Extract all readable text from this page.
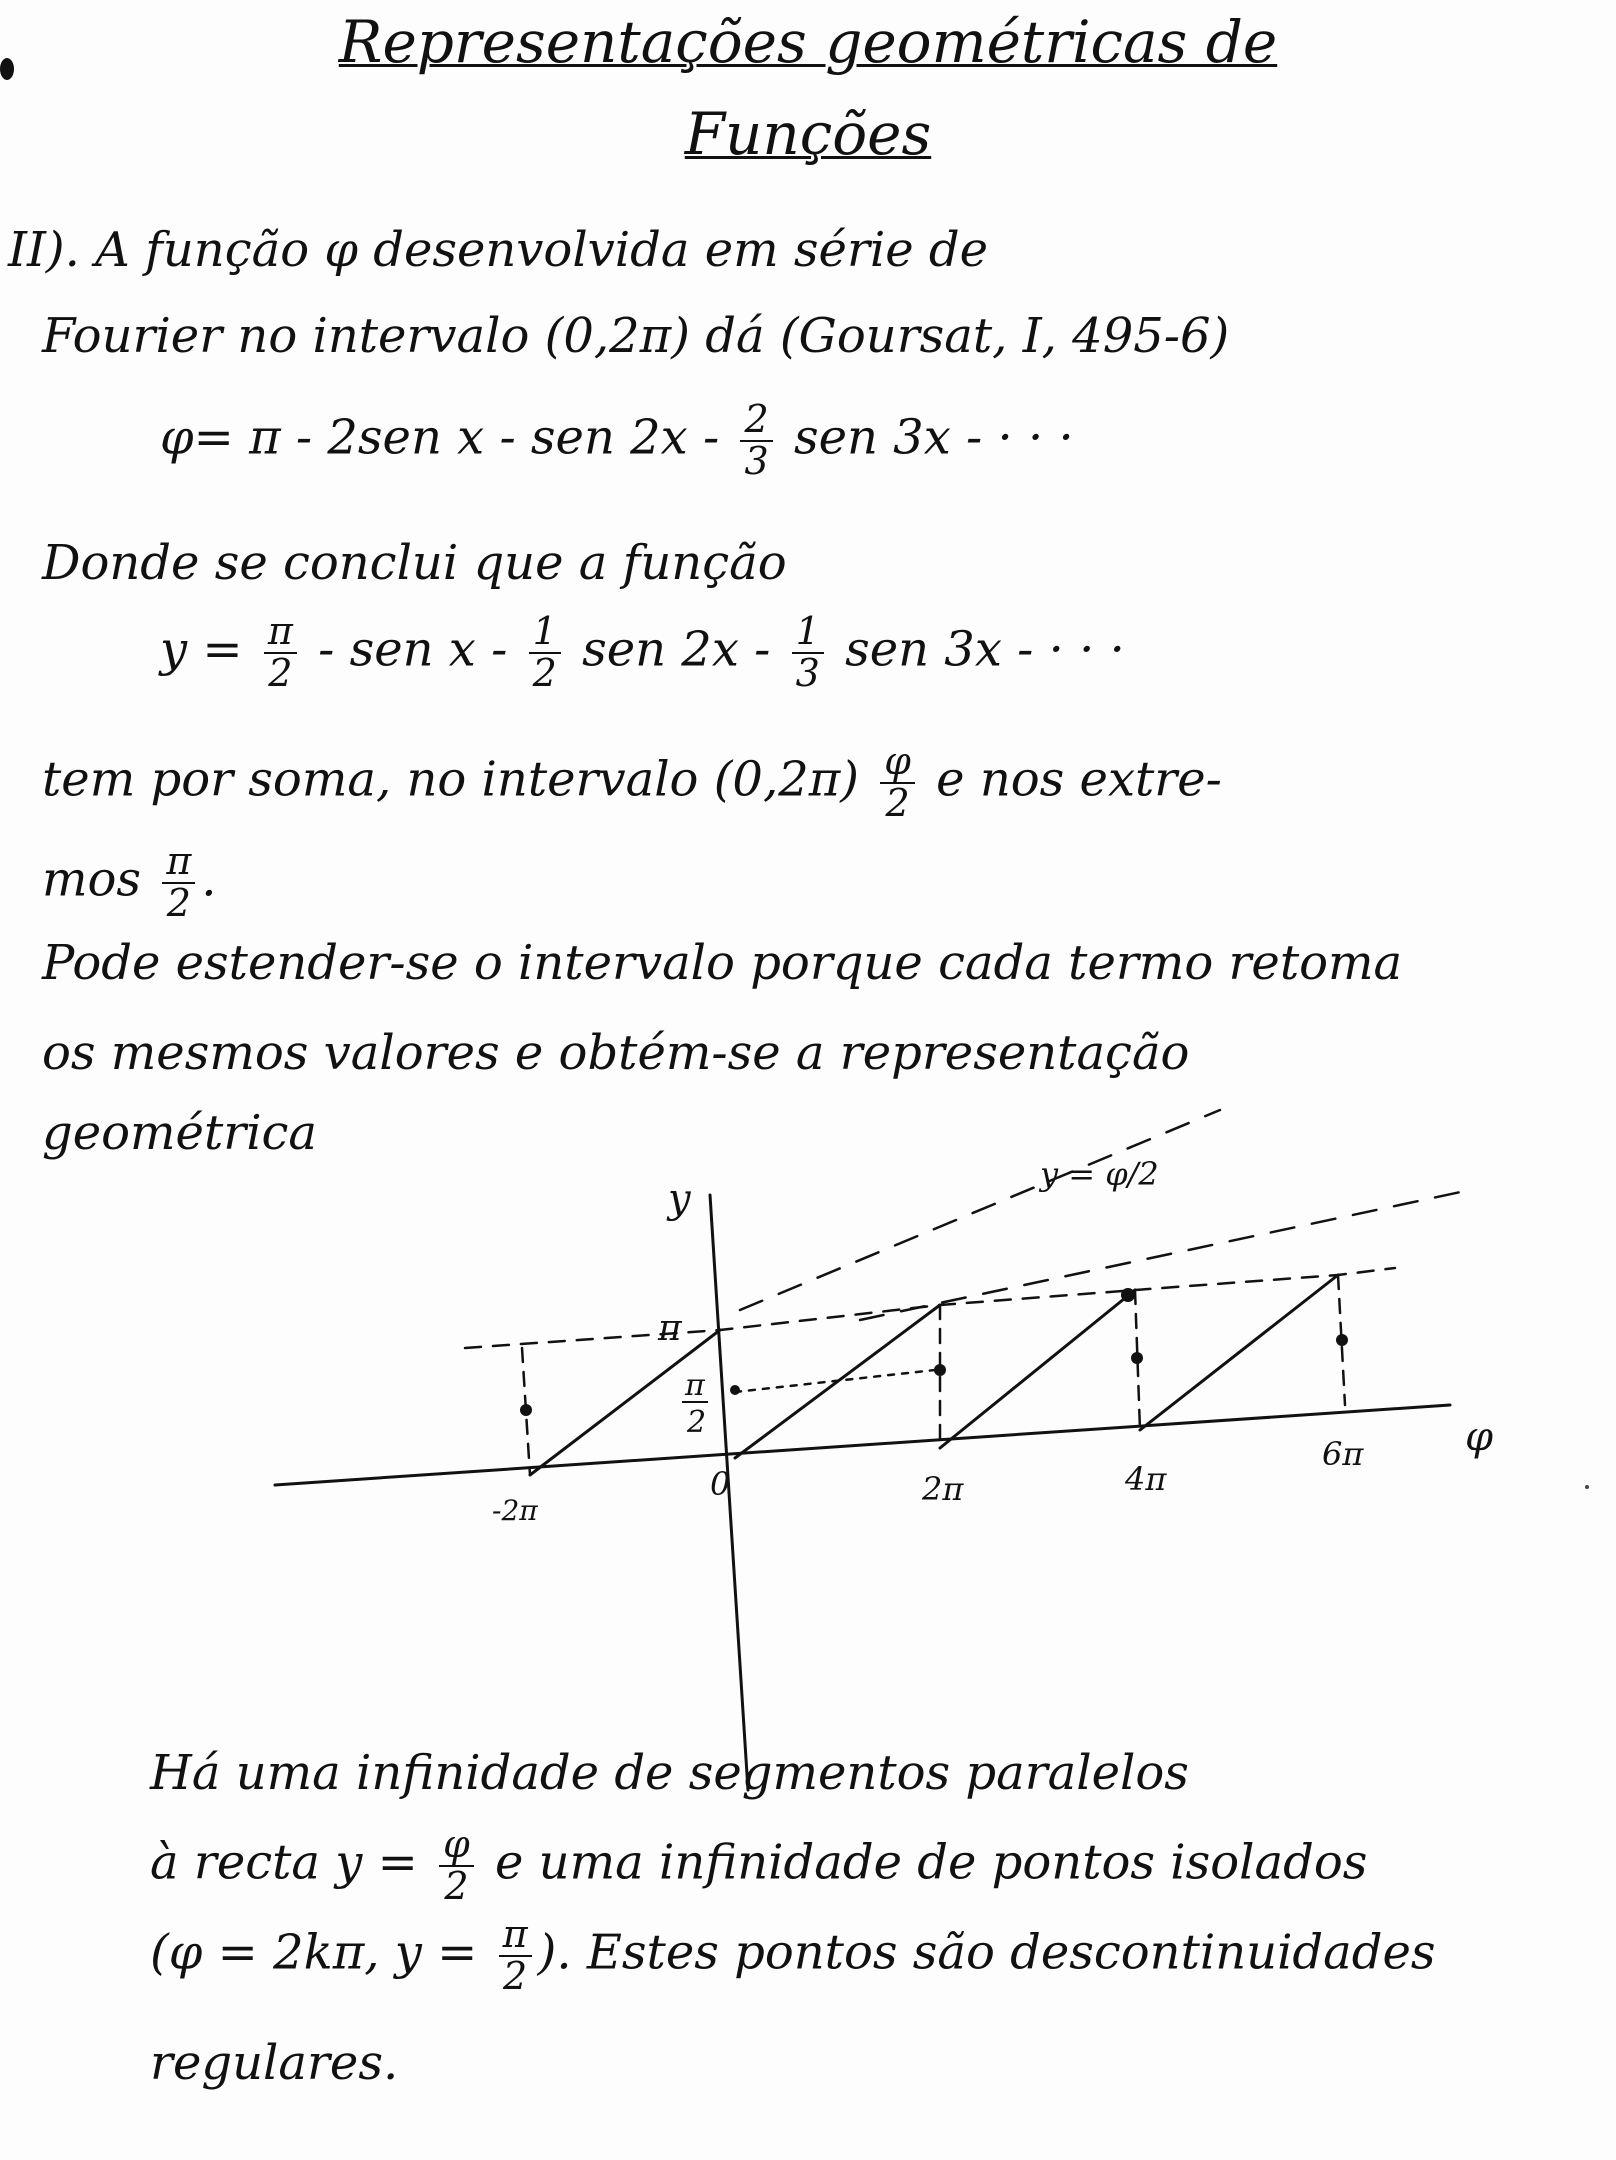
Representações geométricas de
Funções
II). A função φ desenvolvida em série de
Fourier no intervalo (0,2π) dá (Goursat, I, 495-6)
φ= π - 2sen x - sen $2x - \frac{2}{3}$ sen 3x - · · ·
Donde se conclui que a função
$y = \frac{\pi}{2}$ - sen x - $\frac{1}{2}$ sen $2x - \frac{1}{3}$ sen 3x - · · ·
tem por soma, no intervalo $(0,2\pi) \frac{\varphi}{2}$ e nos extre-
mos $\frac{\pi}{2}$ .
Pode estender-se o intervalo porque cada termo retoma
os mesmos valores e obtém-se a representação
geométrica
y
φ
π
π
2
y = φ/2
-2π
0	2π	4π
6π
Há uma infinidade de segmentos paralelos
à recta $y = \frac{\varphi}{2}$ e uma infinidade de pontos isolados
(φ = 2kπ, $y = \frac{\pi}{2}$ ). Estes pontos são descontinuidades
regulares.
